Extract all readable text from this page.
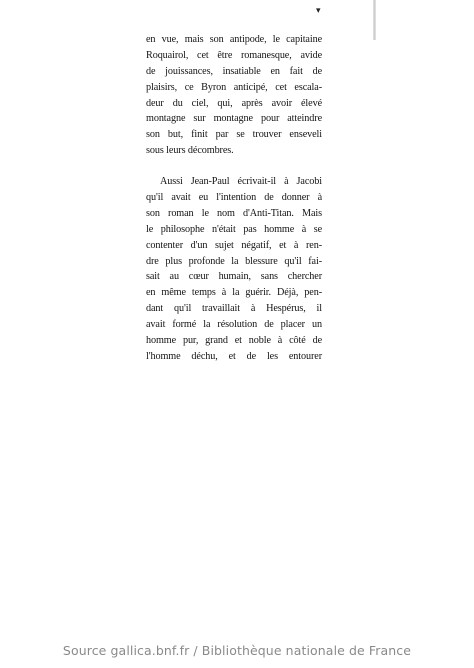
▾
en vue, mais son antipode, le capitaine
Roquairol, cet être romanesque, avide
de jouissances, insatiable en fait de
plaisirs, ce Byron anticipé, cet escala-
deur du ciel, qui, après avoir élevé
montagne sur montagne pour atteindre
son but, finit par se trouver enseveli
sous leurs décombres.
Aussi Jean-Paul écrivait-il à Jacobi
qu'il avait eu l'intention de donner à
son roman le nom d'Anti-Titan. Mais
le philosophe n'était pas homme à se
contenter d'un sujet négatif, et à ren-
dre plus profonde la blessure qu'il fai-
sait au cœur humain, sans chercher
en même temps à la guérir. Déjà, pen-
dant qu'il travaillait à Hespérus, il
avait formé la résolution de placer un
homme pur, grand et noble à côté de
l'homme déchu, et de les entourer
Source gallica.bnf.fr / Bibliothèque nationale de France
